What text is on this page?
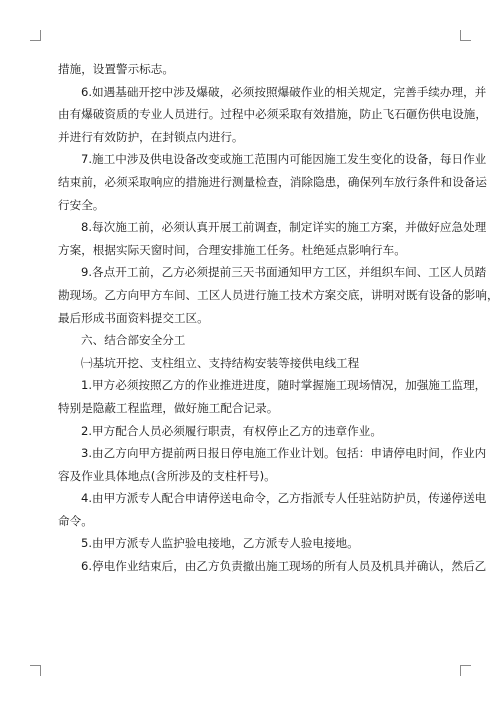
措施，设置警示标志。
6.如遇基础开挖中涉及爆破，必须按照爆破作业的相关规定，完善手续办理，并
由有爆破资质的专业人员进行。过程中必须采取有效措施，防止飞石砸伤供电设施，
并进行有效防护，在封锁点内进行。
7.施工中涉及供电设备改变或施工范围内可能因施工发生变化的设备，每日作业
结束前，必须采取响应的措施进行测量检查，消除隐患，确保列车放行条件和设备运
行安全。
8.每次施工前，必须认真开展工前调查，制定详实的施工方案，并做好应急处理
方案，根据实际天窗时间，合理安排施工任务。杜绝延点影响行车。
9.各点开工前，乙方必须提前三天书面通知甲方工区，并组织车间、工区人员踏
勘现场。乙方向甲方车间、工区人员进行施工技术方案交底，讲明对既有设备的影响，
最后形成书面资料提交工区。
六、结合部安全分工
㈠基坑开挖、支柱组立、支持结构安装等接供电线工程
1.甲方必须按照乙方的作业推进进度，随时掌握施工现场情况，加强施工监理，
特别是隐蔽工程监理，做好施工配合记录。
2.甲方配合人员必须履行职责，有权停止乙方的违章作业。
3.由乙方向甲方提前两日报日停电施工作业计划。包括：申请停电时间，作业内
容及作业具体地点(含所涉及的支柱杆号)。
4.由甲方派专人配合申请停送电命令，乙方指派专人任驻站防护员，传递停送电
命令。
5.由甲方派专人监护验电接地，乙方派专人验电接地。
6.停电作业结束后，由乙方负责撤出施工现场的所有人员及机具并确认，然后乙
